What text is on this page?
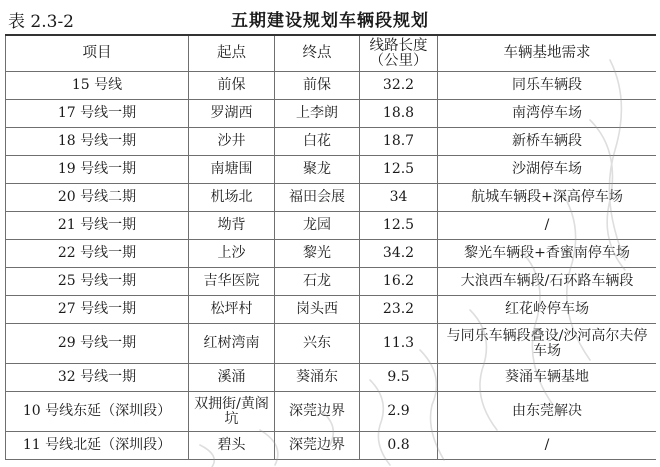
表 2.3-2	五期建设规划车辆段规划
项目	起点	终点	线路长度（公里）	车辆基地需求
15 号线	前保	前保	32.2	同乐车辆段
17 号线一期	罗湖西	上李朗	18.8	南湾停车场
18 号线一期	沙井	白花	18.7	新桥车辆段
19 号线一期	南塘围	聚龙	12.5	沙湖停车场
20 号线二期	机场北	福田会展	34	航城车辆段+深高停车场
21 号线一期	坳背	龙园	12.5	/
22 号线一期	上沙	黎光	34.2	黎光车辆段+香蜜南停车场
25 号线一期	吉华医院	石龙	16.2	大浪西车辆段/石环路车辆段
27 号线一期	松坪村	岗头西	23.2	红花岭停车场
29 号线一期	红树湾南	兴东	11.3	与同乐车辆段叠设/沙河高尔夫停车场
32 号线一期	溪涌	葵涌东	9.5	葵涌车辆基地
10 号线东延（深圳段）	双拥街/黄阁坑	深莞边界	2.9	由东莞解决
11 号线北延（深圳段）	碧头	深莞边界	0.8	/
